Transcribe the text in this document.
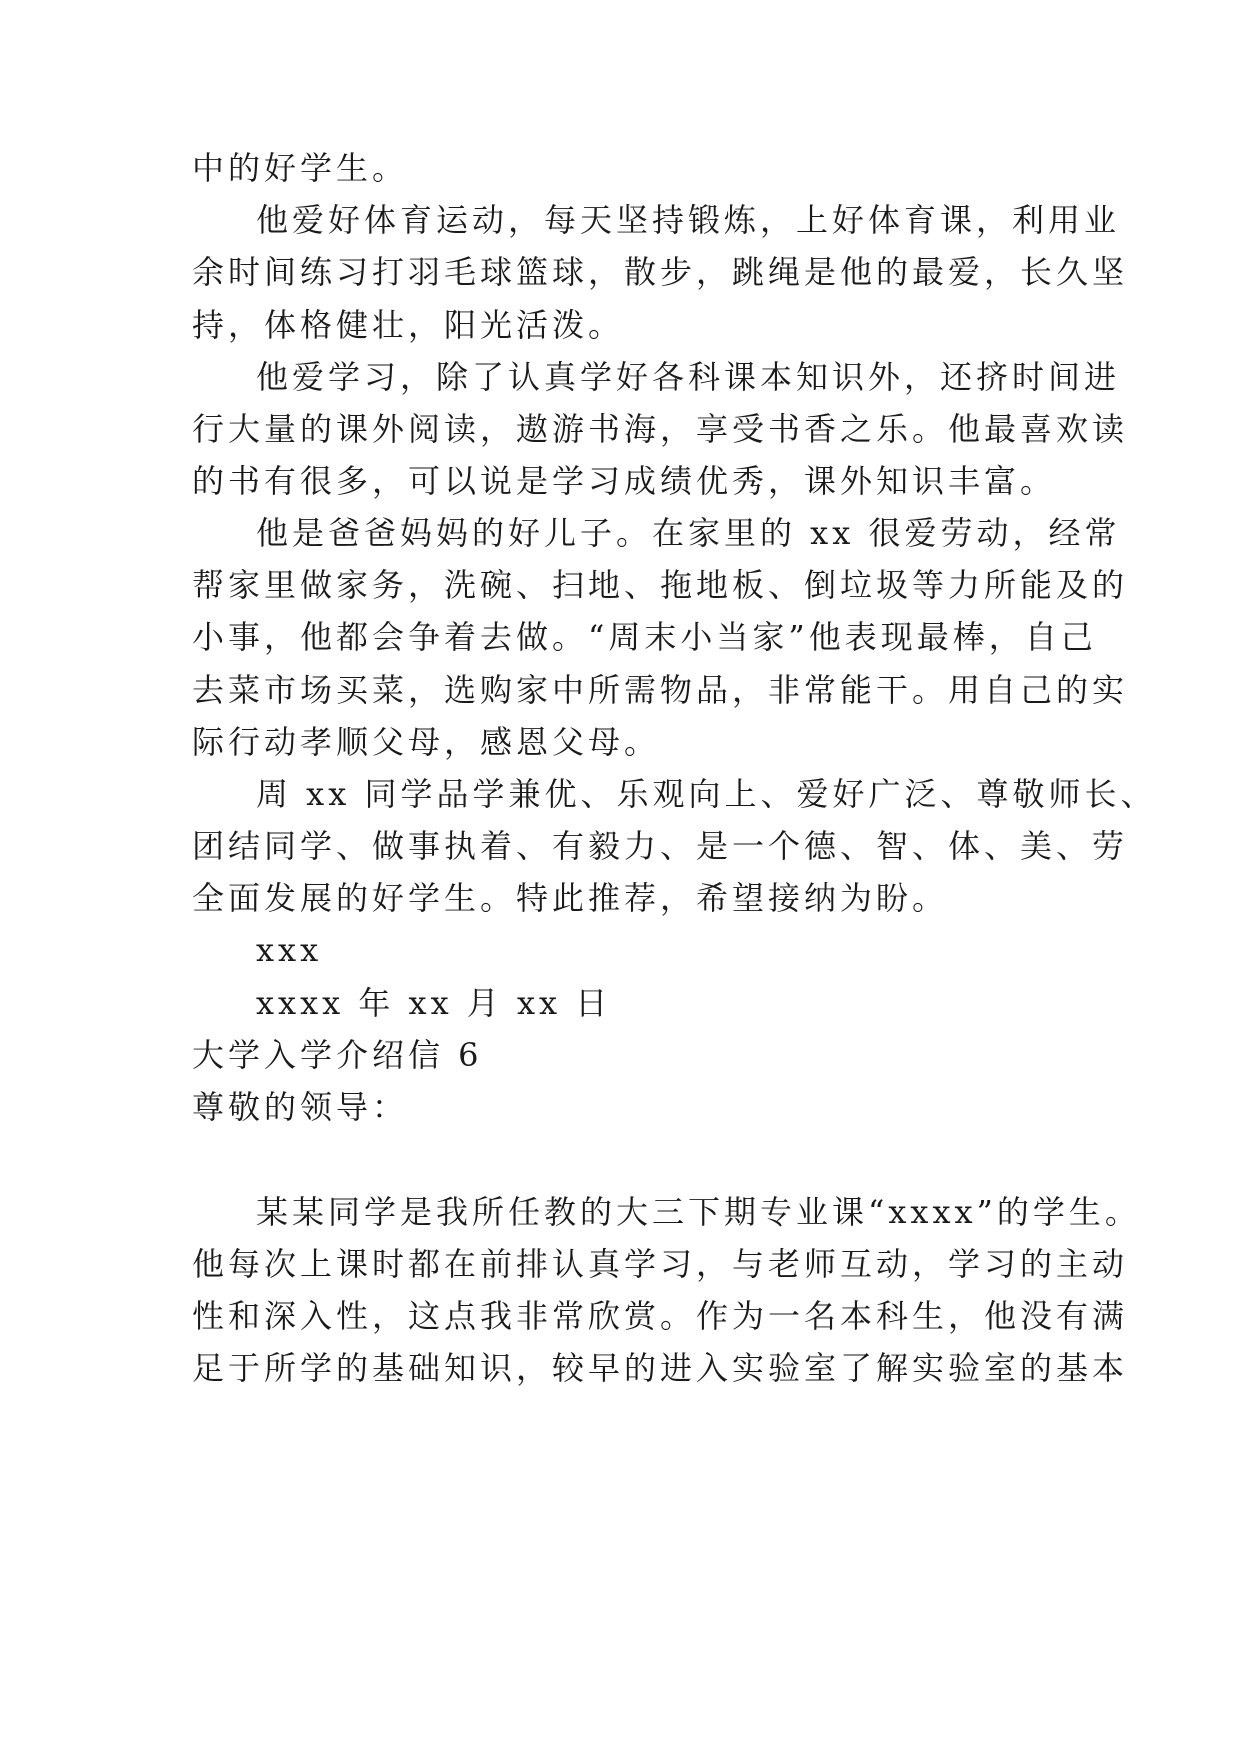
中的好学生。
他爱好体育运动，每天坚持锻炼，上好体育课，利用业
余时间练习打羽毛球篮球，散步，跳绳是他的最爱，长久坚
持，体格健壮，阳光活泼。
他爱学习，除了认真学好各科课本知识外，还挤时间进
行大量的课外阅读，遨游书海，享受书香之乐。他最喜欢读
的书有很多，可以说是学习成绩优秀，课外知识丰富。
他是爸爸妈妈的好儿子。在家里的 xx 很爱劳动，经常
帮家里做家务，洗碗、扫地、拖地板、倒垃圾等力所能及的
小事，他都会争着去做。“周末小当家”他表现最棒，自己
去菜市场买菜，选购家中所需物品，非常能干。用自己的实
际行动孝顺父母，感恩父母。
周 xx 同学品学兼优、乐观向上、爱好广泛、尊敬师长、
团结同学、做事执着、有毅力、是一个德、智、体、美、劳
全面发展的好学生。特此推荐，希望接纳为盼。
xxx
xxxx 年 xx 月 xx 日
大学入学介绍信 6
尊敬的领导：
某某同学是我所任教的大三下期专业课“xxxx”的学生。
他每次上课时都在前排认真学习，与老师互动，学习的主动
性和深入性，这点我非常欣赏。作为一名本科生，他没有满
足于所学的基础知识，较早的进入实验室了解实验室的基本
